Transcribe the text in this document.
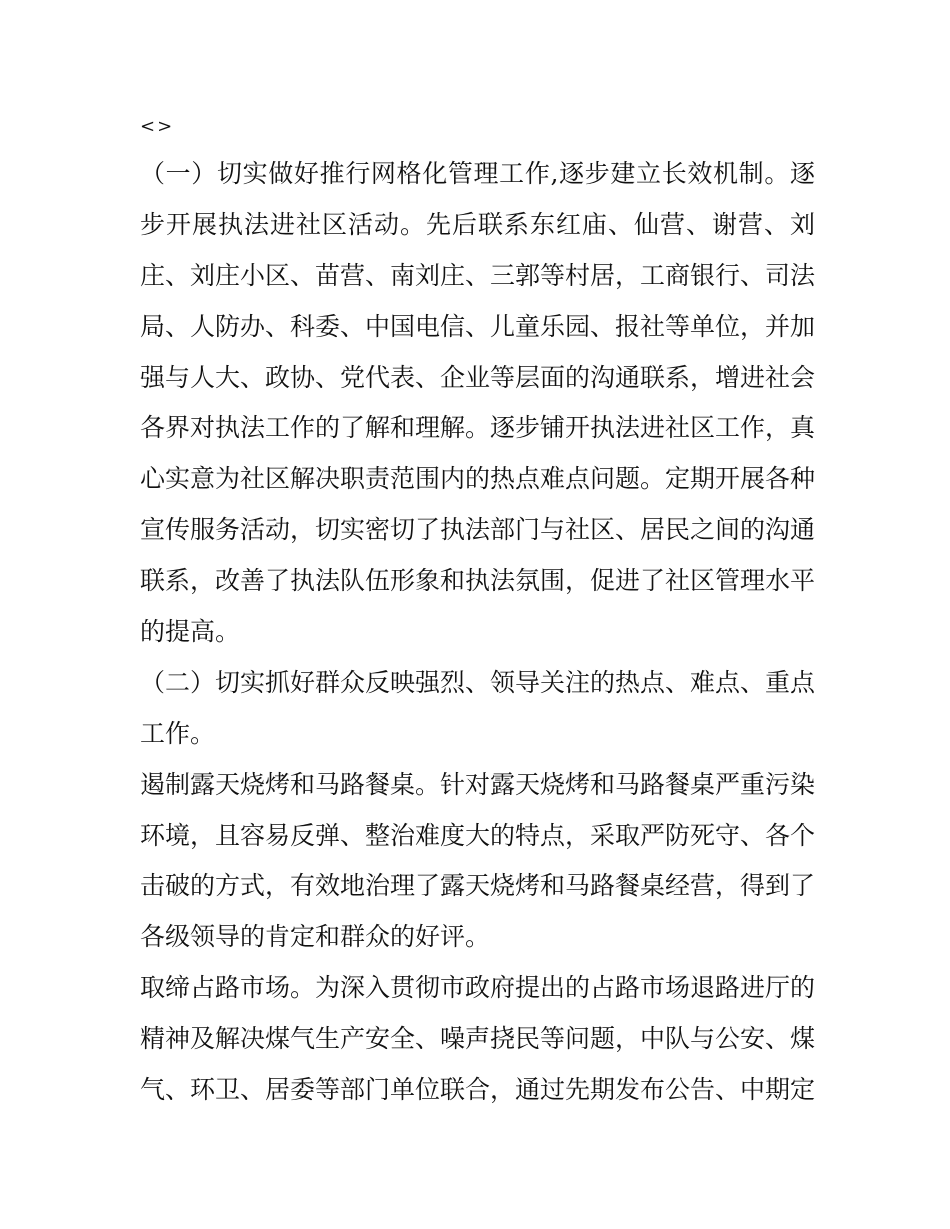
<>
（一）切实做好推行网格化管理工作,逐步建立长效机制。逐
步开展执法进社区活动。先后联系东红庙、仙营、谢营、刘
庄、刘庄小区、苗营、南刘庄、三郭等村居，工商银行、司法
局、人防办、科委、中国电信、儿童乐园、报社等单位，并加
强与人大、政协、党代表、企业等层面的沟通联系，增进社会
各界对执法工作的了解和理解。逐步铺开执法进社区工作，真
心实意为社区解决职责范围内的热点难点问题。定期开展各种
宣传服务活动，切实密切了执法部门与社区、居民之间的沟通
联系，改善了执法队伍形象和执法氛围，促进了社区管理水平
的提高。
（二）切实抓好群众反映强烈、领导关注的热点、难点、重点
工作。
遏制露天烧烤和马路餐桌。针对露天烧烤和马路餐桌严重污染
环境，且容易反弹、整治难度大的特点，采取严防死守、各个
击破的方式，有效地治理了露天烧烤和马路餐桌经营，得到了
各级领导的肯定和群众的好评。
取缔占路市场。为深入贯彻市政府提出的占路市场退路进厅的
精神及解决煤气生产安全、噪声挠民等问题，中队与公安、煤
气、环卫、居委等部门单位联合，通过先期发布公告、中期定
